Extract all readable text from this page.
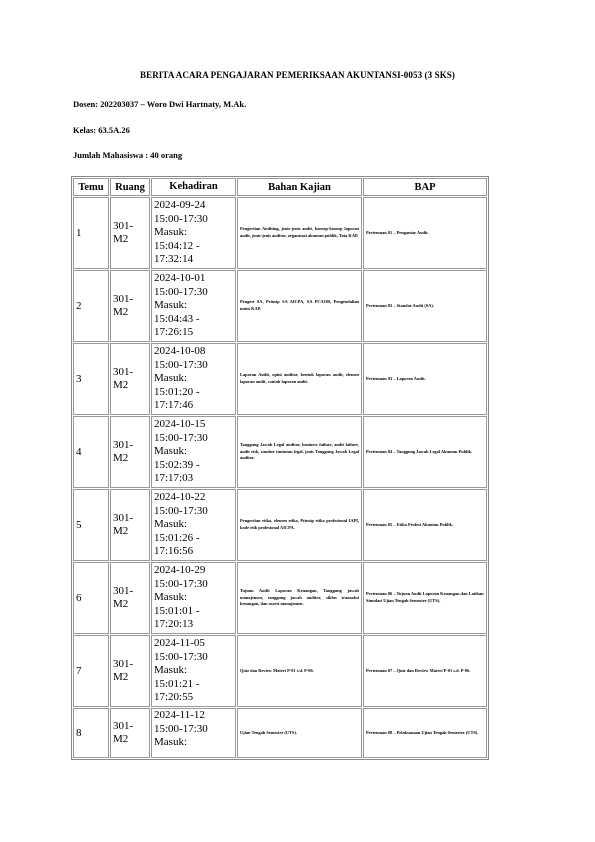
BERITA ACARA PENGAJARAN PEMERIKSAAN AKUNTANSI-0053 (3 SKS)
Dosen: 202203037 – Woro Dwi Hartnaty, M.Ak.
Kelas: 63.5A.26
Jumlah Mahasiswa : 40 orang
Temu	Ruang	Kehadiran	Bahan Kajian	BAP
1	301-M2	2024-09-24
15:00-17:30
Masuk:
15:04:12 -
17:32:14	Pengertian Auditing, jenis-jenis audit, konsep-konsep laporan audit, jenis-jenis auditor, organisasi akuntan publik, Tata KAP.	Pertemuan 01 – Pengantar Audit.
2	301-M2	2024-10-01
15:00-17:30
Masuk:
15:04:43 -
17:26:15	Pengeri SA, Prinsip SA AICPA, SA PCAOB, Pengendalian mutu KAP.	Pertemuan 02 – Standar Audit (SA).
3	301-M2	2024-10-08
15:00-17:30
Masuk:
15:01:20 -
17:17:46	Laporan Audit, opini auditor, bentuk laporan audit, elemen laporan audit, contoh laporan audit.	Pertemuan 03 – Laporan Audit.
4	301-M2	2024-10-15
15:00-17:30
Masuk:
15:02:39 -
17:17:03	Tanggung Jawab Legal auditor, business failure, audit failure, audit risk, sumber tuntutan legal, jenis Tanggung Jawab Legal auditor.	Pertemuan 04 – Tanggung Jawab Legal Akuntan Publik.
5	301-M2	2024-10-22
15:00-17:30
Masuk:
15:01:26 -
17:16:56	Pengertian etika, elemen etika, Prinsip etika profesional IAPI, kode etik profesional AICPA.	Pertemuan 05 – Etika Profesi Akuntan Publik.
6	301-M2	2024-10-29
15:00-17:30
Masuk:
15:01:01 -
17:20:13	Tujuan Audit Laporan Keuangan, Tanggung jawab manajemen, tanggung jawab auditor, siklus transaksi keuangan, dan asersi manajemen.	Pertemuan 06 – Tujuan Audit Laporan Keuangan dan Latihan Simulasi Ujian Tengah Semester (UTS).
7	301-M2	2024-11-05
15:00-17:30
Masuk:
15:01:21 -
17:20:55	Quiz dan Review Materi P-01 s.d. P-06.	Pertemuan 07 – Quiz dan Review Materi P-01 s.d. P-06.
8	301-M2	2024-11-12
15:00-17:30
Masuk:	Ujian Tengah Semester (UTS).	Pertemuan 08 – Pelaksanaan Ujian Tengah Semester (UTS).
